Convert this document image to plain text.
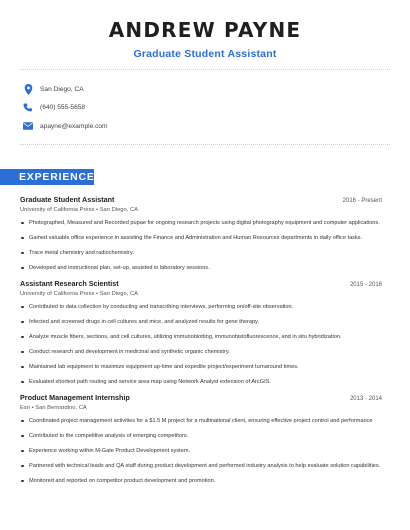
ANDREW PAYNE
Graduate Student Assistant
San Diego, CA
(640) 555-5658
apayne@example.com
EXPERIENCE
Graduate Student Assistant	2016 - Present
University of California Press • San Diego, CA
Photographed, Measured and Recorded pupae for ongoing research projects using digital photography equipment and computer applications.
Gained valuable office experience in assisting the Finance and Administration and Human Resources departments in daily office tasks.
Trace metal chemistry and radiochemistry.
Developed and instructional plan, set-up, assisted in laboratory sessions.
Assistant Research Scientist	2015 - 2016
University of California Press • San Diego, CA
Contributed to data collection by conducting and transcribing interviews, performing on/off-site observation.
Infected and screened drugs in cell cultures and mice, and analyzed results for gene therapy.
Analyze muscle fibers, sections, and cell cultures, utilizing immunoblotting, immunohistofluorescence, and in situ hybridization.
Conduct research and development in medicinal and synthetic organic chemistry.
Maintained lab equipment to maximize equipment up-time and expedite project/experiment turnaround times.
Evaluated shortest path routing and service area map using Network Analyst extension of ArcGIS.
Product Management Internship	2013 - 2014
Esri • San Bernardino, CA
Coordinated project management activities for a $1.5 M project for a multinational client, ensuring effective project control and performance
Contributed to the competitive analysis of emerging competitors.
Experience working within M-Gate Product Development system.
Partnered with technical leads and QA staff during product development and performed industry analysis to help evaluate solution capabilities.
Monitored and reported on competitor product development and promotion.
